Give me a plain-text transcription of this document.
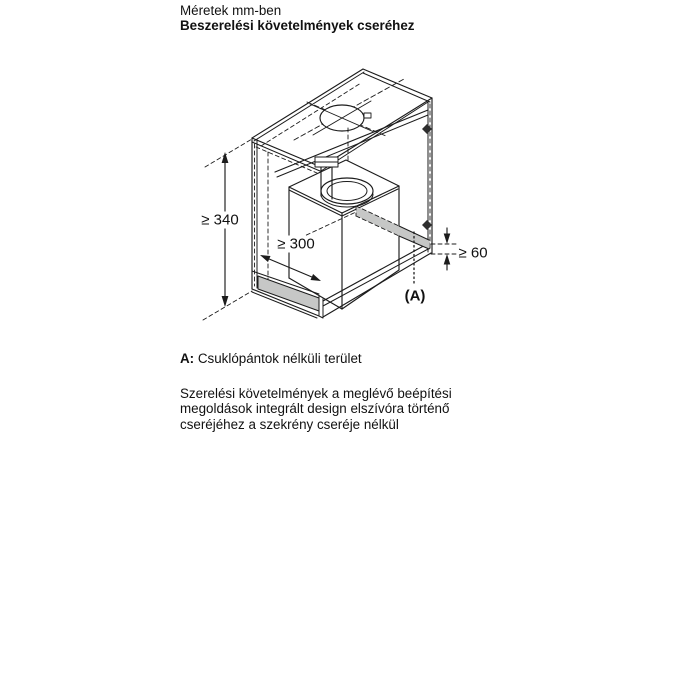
Méretek mm-ben
Beszerelési követelmények cseréhez
≥ 340
≥ 300
≥ 60
(A)
A: Csuklópántok nélküli terület
Szerelési követelmények a meglévő beépítési
megoldások integrált design elszívóra történő
cseréjéhez a szekrény cseréje nélkül
